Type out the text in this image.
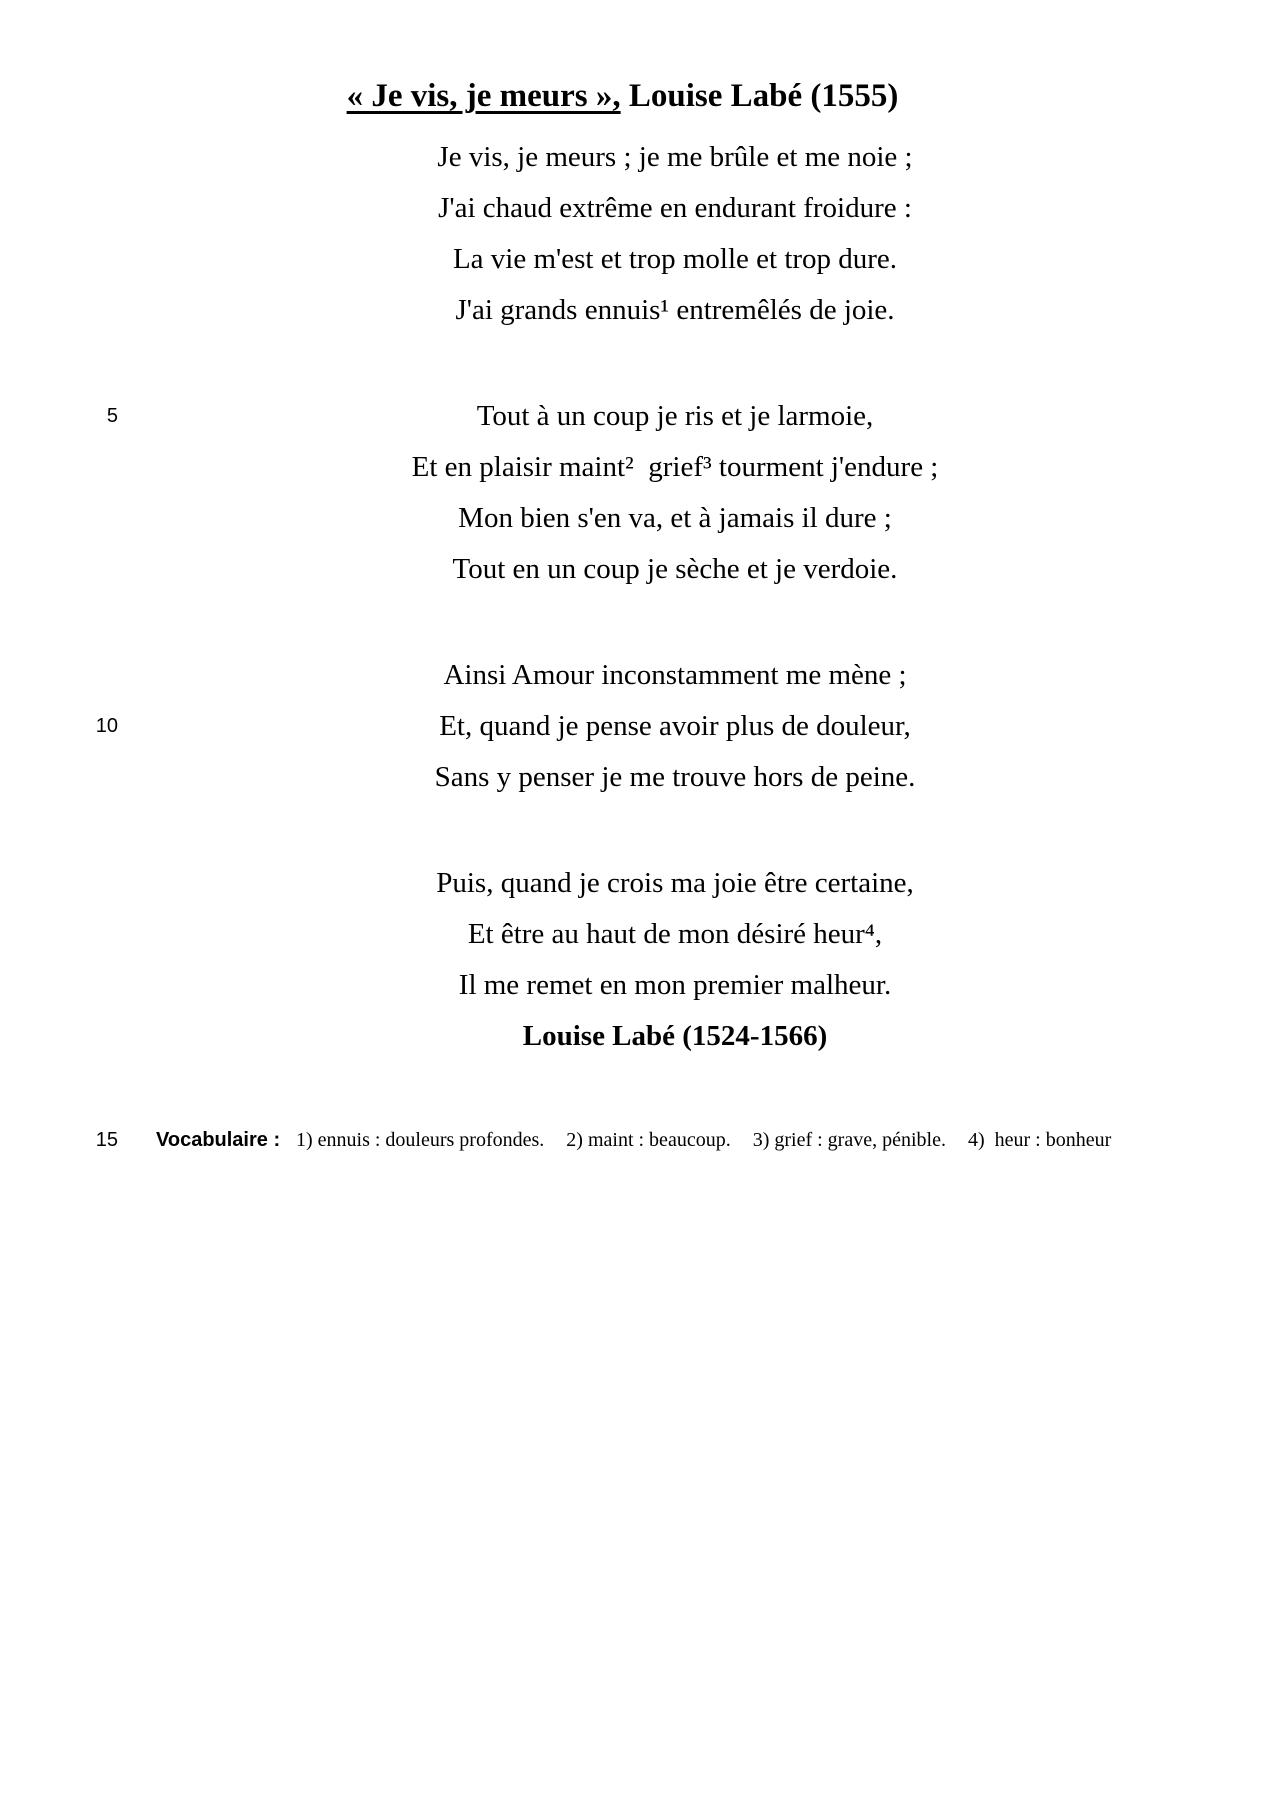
« Je vis, je meurs », Louise Labé (1555)
Je vis, je meurs ; je me brûle et me noie ;
J'ai chaud extrême en endurant froidure :
La vie m'est et trop molle et trop dure.
J'ai grands ennuis¹ entremêlés de joie.
5	Tout à un coup je ris et je larmoie,
Et en plaisir maint²  grief³ tourment j'endure ;
Mon bien s'en va, et à jamais il dure ;
Tout en un coup je sèche et je verdoie.
Ainsi Amour inconstamment me mène ;
10	Et, quand je pense avoir plus de douleur,
Sans y penser je me trouve hors de peine.
Puis, quand je crois ma joie être certaine,
Et être au haut de mon désiré heur⁴,
Il me remet en mon premier malheur.
Louise Labé (1524-1566)
15 Vocabulaire : 1) ennuis : douleurs profondes. 2) maint : beaucoup. 3) grief : grave, pénible. 4)  heur : bonheur
